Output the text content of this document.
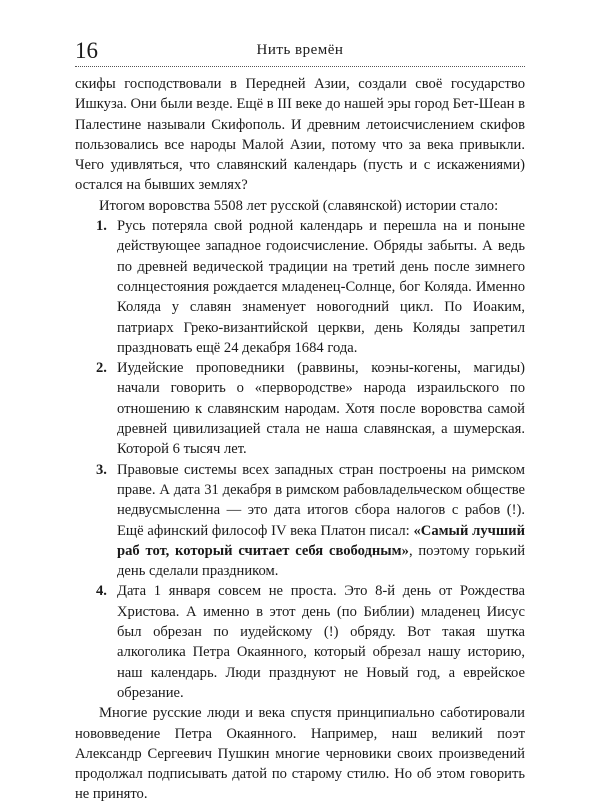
16	Нить времён

скифы господствовали в Передней Азии, создали своё государство Ишкуза. Они были везде. Ещё в III веке до нашей эры город Бет-Шеан в Палестине называли Скифополь. И древним летоисчислением скифов пользовались все народы Малой Азии, потому что за века привыкли. Чего удивляться, что славянский календарь (пусть и с искажениями) остался на бывших землях?

Итогом воровства 5508 лет русской (славянской) истории стало:

1. Русь потеряла свой родной календарь и перешла на и поныне действующее западное годоисчисление. Обряды забыты. А ведь по древней ведической традиции на третий день после зимнего солнцестояния рождается младенец-Солнце, бог Коляда. Именно Коляда у славян знаменует новогодний цикл. По Иоаким, патриарх Греко-византийской церкви, день Коляды запретил праздновать ещё 24 декабря 1684 года.
2. Иудейские проповедники (раввины, коэны-когены, магиды) начали говорить о «первородстве» народа израильского по отношению к славянским народам. Хотя после воровства самой древней цивилизацией стала не наша славянская, а шумерская. Которой 6 тысяч лет.
3. Правовые системы всех западных стран построены на римском праве. А дата 31 декабря в римском рабовладельческом обществе недвусмысленна — это дата итогов сбора налогов с рабов (!). Ещё афинский философ IV века Платон писал: «Самый лучший раб тот, который считает себя свободным», поэтому горький день сделали праздником.
4. Дата 1 января совсем не проста. Это 8-й день от Рождества Христова. А именно в этот день (по Библии) младенец Иисус был обрезан по иудейскому (!) обряду. Вот такая шутка алкоголика Петра Окаянного, который обрезал нашу историю, наш календарь. Люди празднуют не Новый год, а еврейское обрезание.

Многие русские люди и века спустя принципиально саботировали нововведение Петра Окаянного. Например, наш великий поэт Александр Сергеевич Пушкин многие черновики своих произведений продолжал подписывать датой по старому стилю. Но об этом говорить не принято.
